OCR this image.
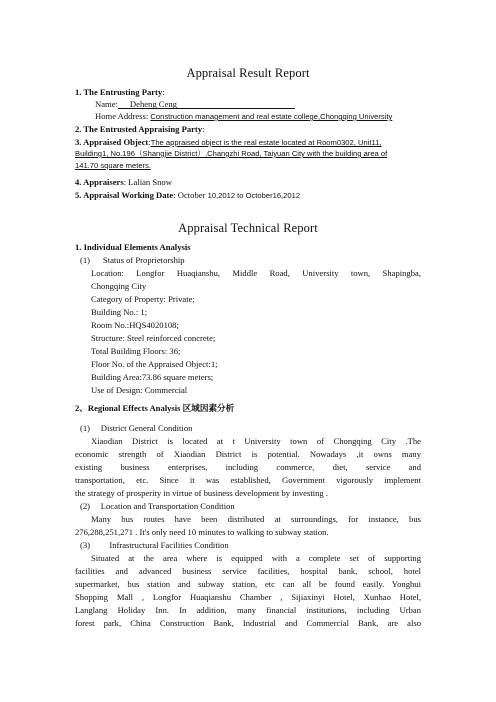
Appraisal Result Report
1. The Entrusting Party:
Name: Deheng Ceng
Home Address: Construction management and real estate college,Chongqing University
2. The Entrusted Appraising Party:
3. Appraised Object:The appraised object is the real estate located at Room0302, Unit11,
Building1, No.196（Shangjie District）,Changzhi Road, Taiyuan City with the building area of
141.70 square meters.
4. Appraisers: Lalian Snow
5. Appraisal Working Date: October 10,2012 to October16,2012
Appraisal Technical Report
1. Individual Elements Analysis
(1)  Status of Proprietorship
Location: Longfor Huaqianshu, Middle Road, University town, Shapingba,
Chongqing City
Category of Property: Private;
Building No.: 1;
Room No.:HQS4020108;
Structure: Steel reinforced concrete;
Total Building Floors: 36;
Floor No. of the Appraised Object:1;
Building Area:73.86 square meters;
Use of Design: Commercial
2、Regional Effects Analysis 区域因素分析
(1)  District General Condition
Xiaodian District is located at t University town of Chongqing City .The
economic strength of Xiaodian District is potential. Nowadays ,it owns many
existing business enterprises, including commerce, diet, service and
transportation, etc. Since it was established, Government vigorously implement
the strategy of prosperity in virtue of business development by investing .
(2)  Location and Transportation Condition
Many bus routes have been distributed at surroundings, for instance, bus
276,288,251,271 . It's only need 10 minutes to walking to subway station.
(3)   Infrastructural Facilities Condition
Situated at the area where is equipped with a complete set of supporting
facilities and advanced business service facilities, hospital bank, school, hotel
supermarket, bus station and subway station, etc can all be found easily. Yonghui
Shopping Mall , Longfor Huaqianshu Chamber , Sijiaxinyi Hotel, Xunhao Hotel,
Langlang Holiday Inn. In addition, many financial institutions, including Urban
forest park, China Construction Bank, Industrial and Commercial Bank, are also
